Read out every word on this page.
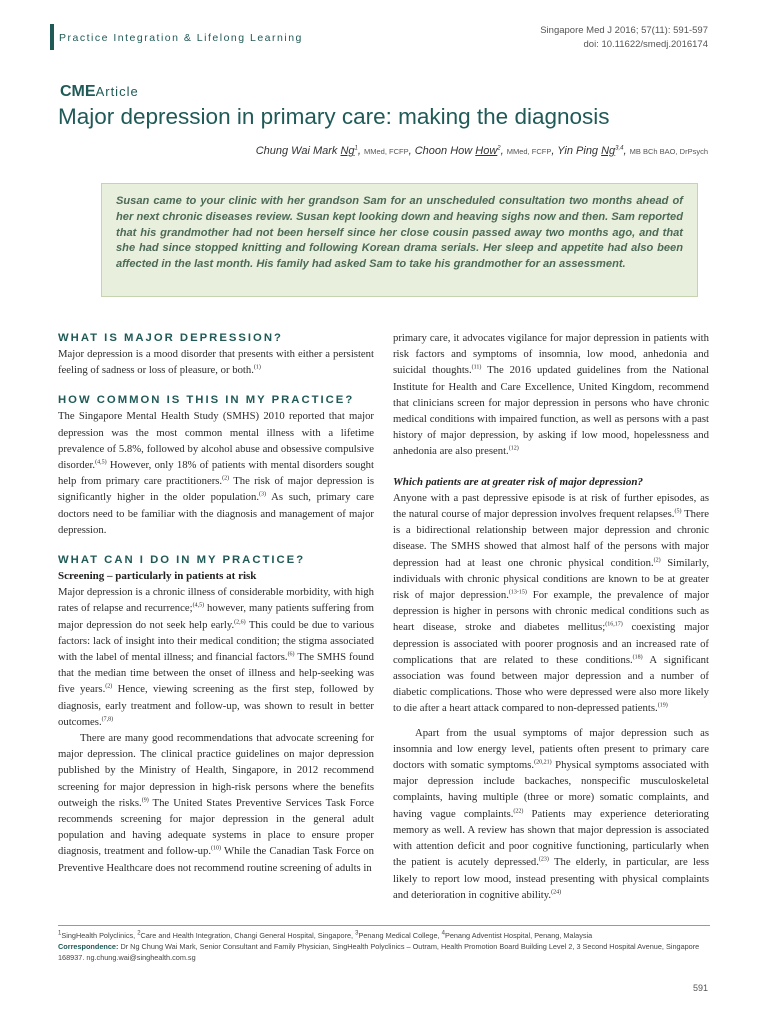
Practice Integration & Lifelong Learning
Singapore Med J 2016; 57(11): 591-597
doi: 10.11622/smedj.2016174
CMEArticle
Major depression in primary care: making the diagnosis
Chung Wai Mark Ng$^1$, MMed, FCFP, Choon How How$^2$, MMed, FCFP, Yin Ping Ng$^{3,4}$, MB BCh BAO, DrPsych
Susan came to your clinic with her grandson Sam for an unscheduled consultation two months ahead of her next chronic diseases review. Susan kept looking down and heaving sighs now and then. Sam reported that his grandmother had not been herself since her close cousin passed away two months ago, and that she had since stopped knitting and following Korean drama serials. Her sleep and appetite had also been affected in the last month. His family had asked Sam to take his grandmother for an assessment.

WHAT IS MAJOR DEPRESSION?

Major depression is a mood disorder that presents with either a persistent feeling of sadness or loss of pleasure, or both.$^{(1)}$

HOW COMMON IS THIS IN MY PRACTICE?

The Singapore Mental Health Study (SMHS) 2010 reported that major depression was the most common mental illness with a lifetime prevalence of 5.8%, followed by alcohol abuse and obsessive compulsive disorder.$^{(4,5)}$ However, only 18% of patients with mental disorders sought help from primary care practitioners.$^{(2)}$ The risk of major depression is significantly higher in the older population.$^{(3)}$ As such, primary care doctors need to be familiar with the diagnosis and management of major depression.

WHAT CAN I DO IN MY PRACTICE?

Screening – particularly in patients at risk

Major depression is a chronic illness of considerable morbidity, with high rates of relapse and recurrence;$^{(4,5)}$ however, many patients suffering from major depression do not seek help early.$^{(2,6)}$ This could be due to various factors: lack of insight into their medical condition; the stigma associated with the label of mental illness; and financial factors.$^{(6)}$ The SMHS found that the median time between the onset of illness and help-seeking was five years.$^{(2)}$ Hence, viewing screening as the first step, followed by diagnosis, early treatment and follow-up, was shown to result in better outcomes.$^{(7,8)}$

There are many good recommendations that advocate screening for major depression. The clinical practice guidelines on major depression published by the Ministry of Health, Singapore, in 2012 recommend screening for major depression in high-risk persons where the benefits outweigh the risks.$^{(9)}$ The United States Preventive Services Task Force recommends screening for major depression in the general adult population and having adequate systems in place to ensure proper diagnosis, treatment and follow-up.$^{(10)}$ While the Canadian Task Force on Preventive Healthcare does not recommend routine screening of adults in

primary care, it advocates vigilance for major depression in patients with risk factors and symptoms of insomnia, low mood, anhedonia and suicidal thoughts.$^{(11)}$ The 2016 updated guidelines from the National Institute for Health and Care Excellence, United Kingdom, recommend that clinicians screen for major depression in persons who have chronic medical conditions with impaired function, as well as persons with a past history of major depression, by asking if low mood, hopelessness and anhedonia are also present.$^{(12)}$

Which patients are at greater risk of major depression?

Anyone with a past depressive episode is at risk of further episodes, as the natural course of major depression involves frequent relapses.$^{(5)}$ There is a bidirectional relationship between major depression and chronic disease. The SMHS showed that almost half of the persons with major depression had at least one chronic physical condition.$^{(2)}$ Similarly, individuals with chronic physical conditions are known to be at greater risk of major depression.$^{(13-15)}$ For example, the prevalence of major depression is higher in persons with chronic medical conditions such as heart disease, stroke and diabetes mellitus;$^{(16,17)}$ coexisting major depression is associated with poorer prognosis and an increased rate of complications that are related to these conditions.$^{(18)}$ A significant association was found between major depression and a number of diabetic complications. Those who were depressed were also more likely to die after a heart attack compared to non-depressed patients.$^{(19)}$

Apart from the usual symptoms of major depression such as insomnia and low energy level, patients often present to primary care doctors with somatic symptoms.$^{(20,21)}$ Physical symptoms associated with major depression include backaches, nonspecific musculoskeletal complaints, having multiple (three or more) somatic complaints, and having vague complaints.$^{(22)}$ Patients may experience deteriorating memory as well. A review has shown that major depression is associated with attention deficit and poor cognitive functioning, particularly when the patient is acutely depressed.$^{(23)}$ The elderly, in particular, are less likely to report low mood, instead presenting with physical complaints and deterioration in cognitive ability.$^{(24)}$

$^1$SingHealth Polyclinics, $^2$Care and Health Integration, Changi General Hospital, Singapore, $^3$Penang Medical College, $^4$Penang Adventist Hospital, Penang, Malaysia
Correspondence: Dr Ng Chung Wai Mark, Senior Consultant and Family Physician, SingHealth Polyclinics – Outram, Health Promotion Board Building Level 2, 3 Second Hospital Avenue, Singapore 168937. ng.chung.wai@singhealth.com.sg
591
